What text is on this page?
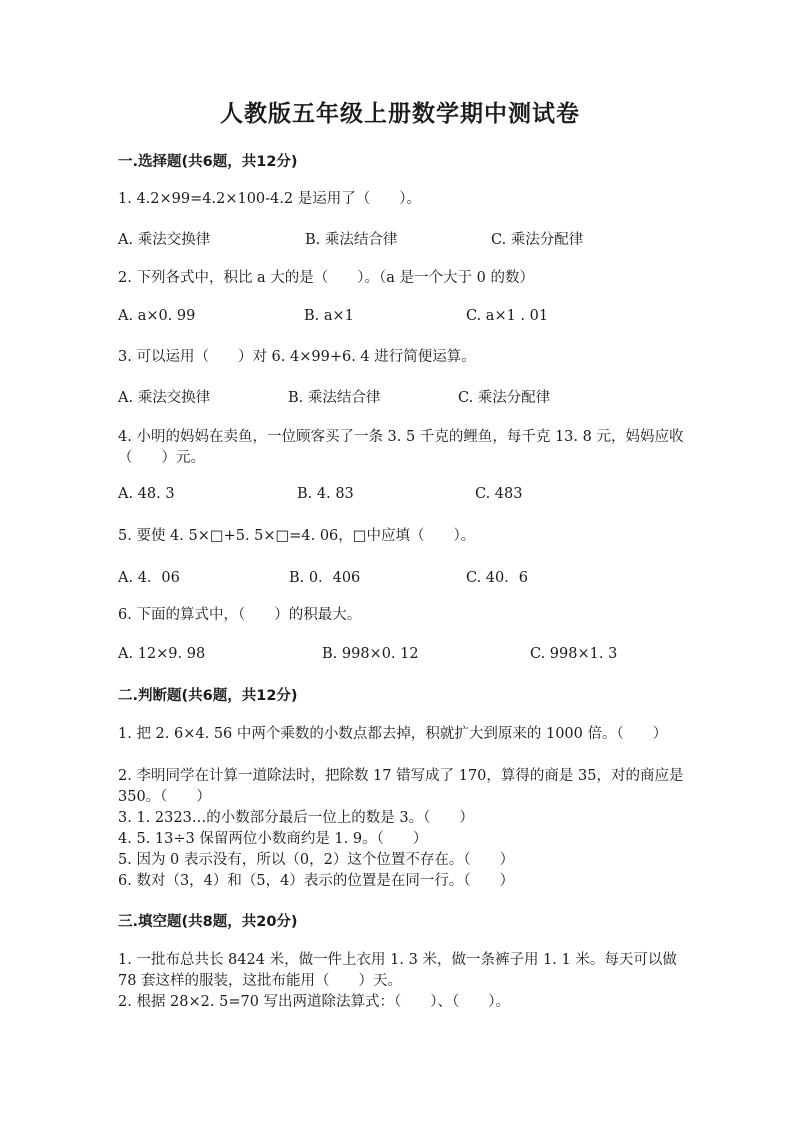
人教版五年级上册数学期中测试卷
一.选择题(共6题，共12分)
1. 4.2×99=4.2×100-4.2 是运用了（　　）。
A. 乘法交换律	B. 乘法结合律	C. 乘法分配律
2. 下列各式中，积比 a 大的是（　　）。（a 是一个大于 0 的数）
A. a×0. 99	B. a×1	C. a×1 . 01
3. 可以运用（　　）对 6. 4×99+6. 4 进行简便运算。
A. 乘法交换律	B. 乘法结合律	C. 乘法分配律
4. 小明的妈妈在卖鱼，一位顾客买了一条 3. 5 千克的鲤鱼，每千克 13. 8 元，妈妈应收（　　）元。
A. 48. 3	B. 4. 83	C. 483
5. 要使 4. 5×□+5. 5×□=4. 06，□中应填（　　）。
A. 4．06	B. 0．406	C. 40．6
6. 下面的算式中，（　　）的积最大。
A. 12×9. 98	B. 998×0. 12	C. 998×1. 3
二.判断题(共6题，共12分)
1. 把 2. 6×4. 56 中两个乘数的小数点都去掉，积就扩大到原来的 1000 倍。（　　）
2. 李明同学在计算一道除法时，把除数 17 错写成了 170，算得的商是 35，对的商应是 350。（　　）
3. 1. 2323…的小数部分最后一位上的数是 3。（　　）
4. 5. 13÷3 保留两位小数商约是 1. 9。（　　）
5. 因为 0 表示没有，所以（0，2）这个位置不存在。（　　）
6. 数对（3，4）和（5，4）表示的位置是在同一行。（　　）
三.填空题(共8题，共20分)
1. 一批布总共长 8424 米，做一件上衣用 1. 3 米，做一条裤子用 1. 1 米。每天可以做 78 套这样的服装，这批布能用（　　）天。
2. 根据 28×2. 5=70 写出两道除法算式：（　　）、（　　）。
